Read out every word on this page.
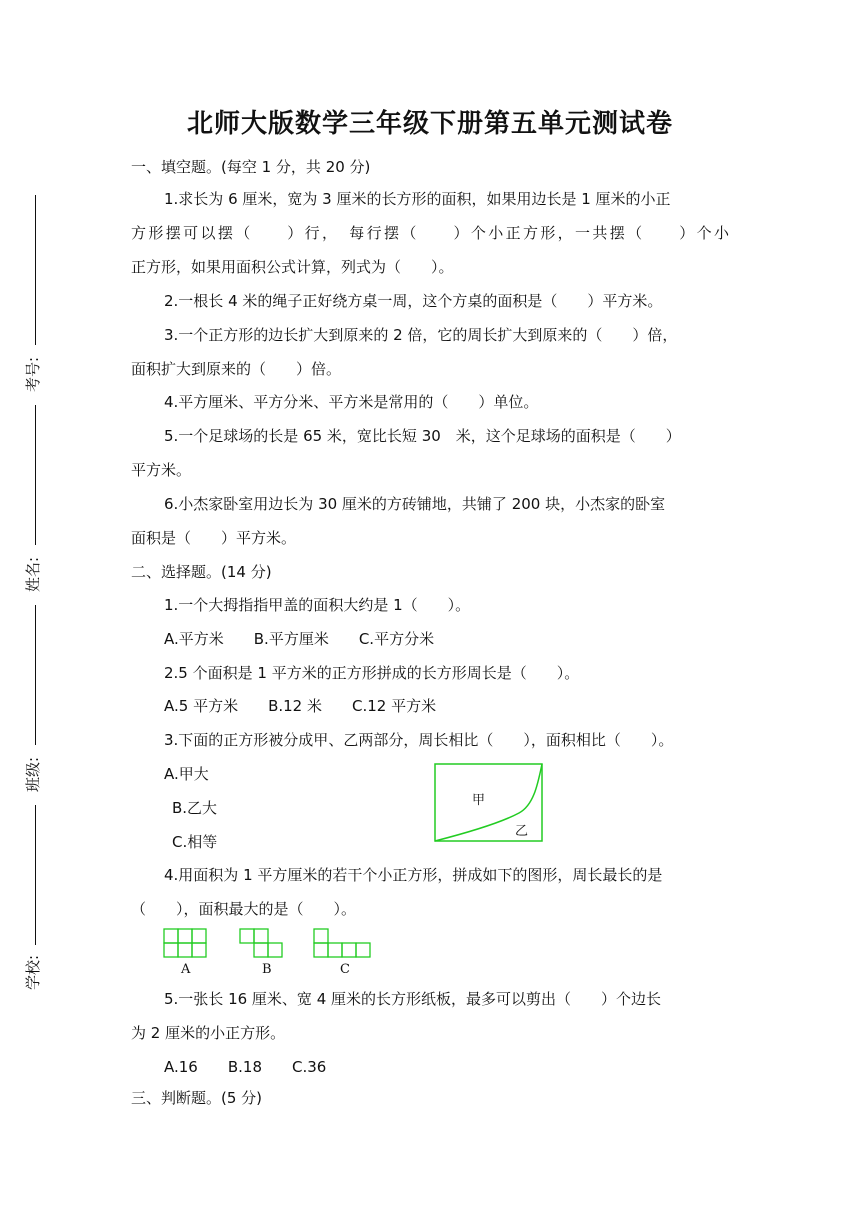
考号:
姓名:
班级:
学校:
北师大版数学三年级下册第五单元测试卷
一、填空题。(每空 1 分，共 20 分)
1.求长为 6 厘米，宽为 3 厘米的长方形的面积，如果用边长是 1 厘米的小正
方形摆可以摆（　　）行，　每行摆（　　）个小正方形，一共摆（　　）个小
正方形，如果用面积公式计算，列式为（　　）。
2.一根长 4 米的绳子正好绕方桌一周，这个方桌的面积是（　　）平方米。
3.一个正方形的边长扩大到原来的 2 倍，它的周长扩大到原来的（　　）倍，
面积扩大到原来的（　　）倍。
4.平方厘米、平方分米、平方米是常用的（　　）单位。
5.一个足球场的长是 65 米，宽比长短 30　米，这个足球场的面积是（　　）
平方米。
6.小杰家卧室用边长为 30 厘米的方砖铺地，共铺了 200 块，小杰家的卧室
面积是（　　）平方米。
二、选择题。(14 分)
1.一个大拇指指甲盖的面积大约是 1（　　）。
A.平方米　　B.平方厘米　　C.平方分米
2.5 个面积是 1 平方米的正方形拼成的长方形周长是（　　）。
A.5 平方米　　B.12 米　　C.12 平方米
3.下面的正方形被分成甲、乙两部分，周长相比（　　），面积相比（　　）。
A.甲大
B.乙大
C.相等
甲
乙
4.用面积为 1 平方厘米的若干个小正方形，拼成如下的图形，周长最长的是
（　　），面积最大的是（　　）。
A	B	C
5.一张长 16 厘米、宽 4 厘米的长方形纸板，最多可以剪出（　　）个边长
为 2 厘米的小正方形。
A.16　　B.18　　C.36
三、判断题。(5 分)
